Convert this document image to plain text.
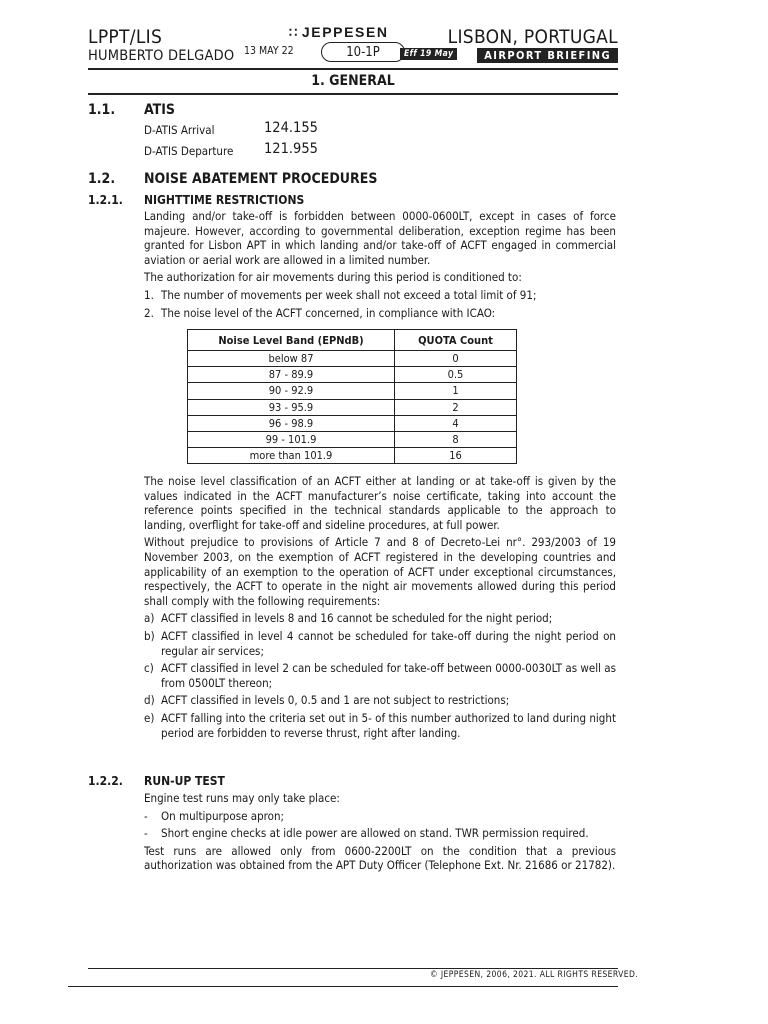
LPPT/LIS
HUMBERTO DELGADO 13 MAY 22
∷ JEPPESEN
10-1P	Eff 19 May
LISBON, PORTUGAL
AIRPORT BRIEFING
1. GENERAL
1.1. ATIS
D-ATIS Arrival	124.155
D-ATIS Departure 121.955
1.2. NOISE ABATEMENT PROCEDURES
1.2.1. NIGHTTIME RESTRICTIONS

Landing and/or take-off is forbidden between 0000-0600LT, except in cases of force majeure. However, according to governmental deliberation, exception regime has been granted for Lisbon APT in which landing and/or take-off of ACFT engaged in commercial aviation or aerial work are allowed in a limited number.

The authorization for air movements during this period is conditioned to:

1. The number of movements per week shall not exceed a total limit of 91;
2. The noise level of the ACFT concerned, in compliance with ICAO:
Noise Level Band (EPNdB)	QUOTA Count
below 87	0
87 - 89.9	0.5
90 - 92.9	1
93 - 95.9	2
96 - 98.9	4
99 - 101.9	8
more than 101.9	16

The noise level classification of an ACFT either at landing or at take-off is given by the values indicated in the ACFT manufacturer’s noise certificate, taking into account the reference points specified in the technical standards applicable to the approach to landing, overflight for take-off and sideline procedures, at full power.

Without prejudice to provisions of Article 7 and 8 of Decreto-Lei nr°. 293/2003 of 19 November 2003, on the exemption of ACFT registered in the developing countries and applicability of an exemption to the operation of ACFT under exceptional circumstances, respectively, the ACFT to operate in the night air movements allowed during this period shall comply with the following requirements:

a) ACFT classified in levels 8 and 16 cannot be scheduled for the night period;
b) ACFT classified in level 4 cannot be scheduled for take-off during the night period on regular air services;
c) ACFT classified in level 2 can be scheduled for take-off between 0000-0030LT as well as from 0500LT thereon;
d) ACFT classified in levels 0, 0.5 and 1 are not subject to restrictions;
e) ACFT falling into the criteria set out in 5- of this number authorized to land during night period are forbidden to reverse thrust, right after landing.
1.2.2. RUN-UP TEST

Engine test runs may only take place:

- On multipurpose apron;
- Short engine checks at idle power are allowed on stand. TWR permission required.

Test runs are allowed only from 0600-2200LT on the condition that a previous authorization was obtained from the APT Duty Officer (Telephone Ext. Nr. 21686 or 21782).

© JEPPESEN, 2006, 2021. ALL RIGHTS RESERVED.
